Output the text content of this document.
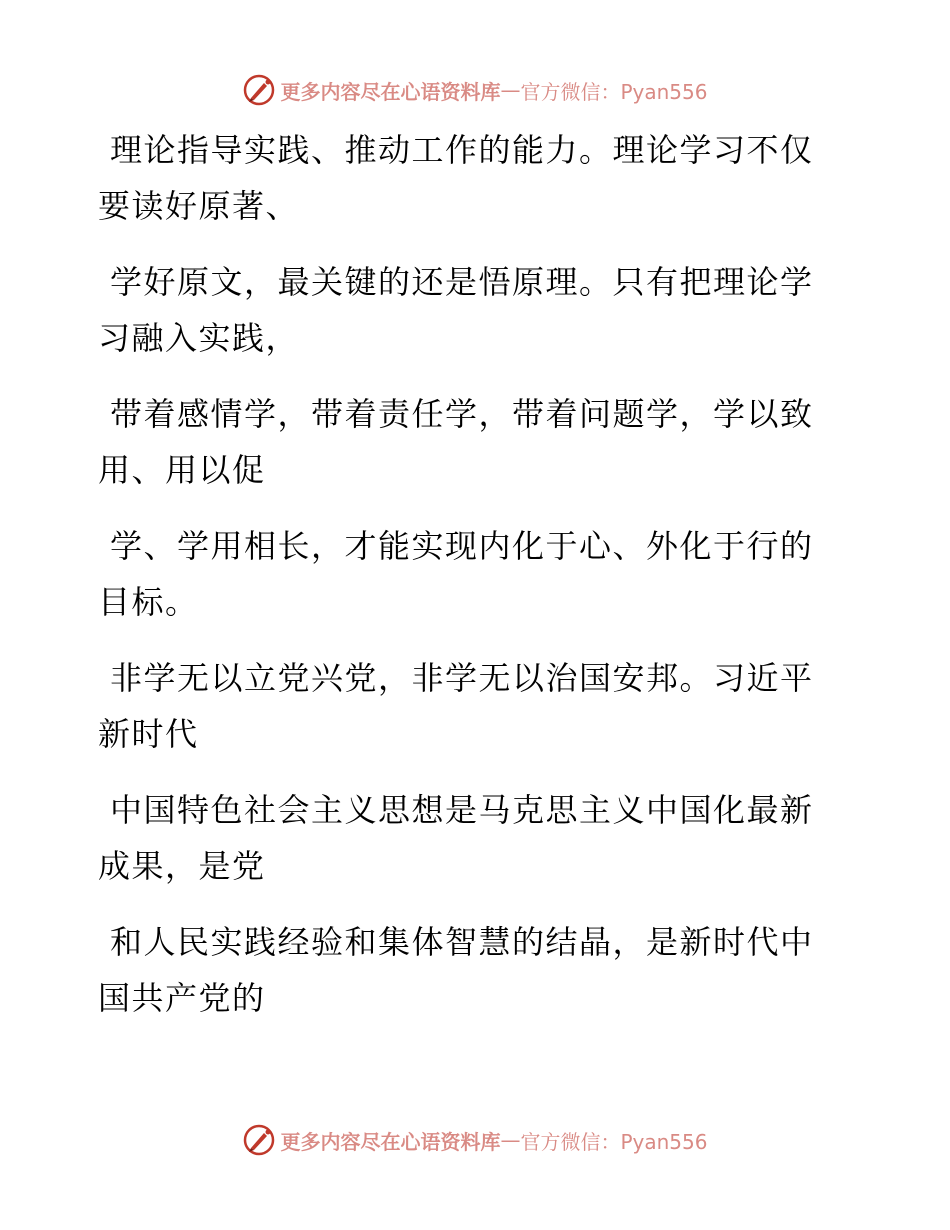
更多内容尽在心语资料库 — 官方微信：Pyan556

理论指导实践、推动工作的能力。理论学习不仅要读好原著、

学好原文，最关键的还是悟原理。只有把理论学习融入实践，

带着感情学，带着责任学，带着问题学，学以致用、用以促

学、学用相长，才能实现内化于心、外化于行的目标。

非学无以立党兴党，非学无以治国安邦。习近平新时代

中国特色社会主义思想是马克思主义中国化最新成果，是党

和人民实践经验和集体智慧的结晶，是新时代中国共产党的

更多内容尽在心语资料库 — 官方微信：Pyan556
